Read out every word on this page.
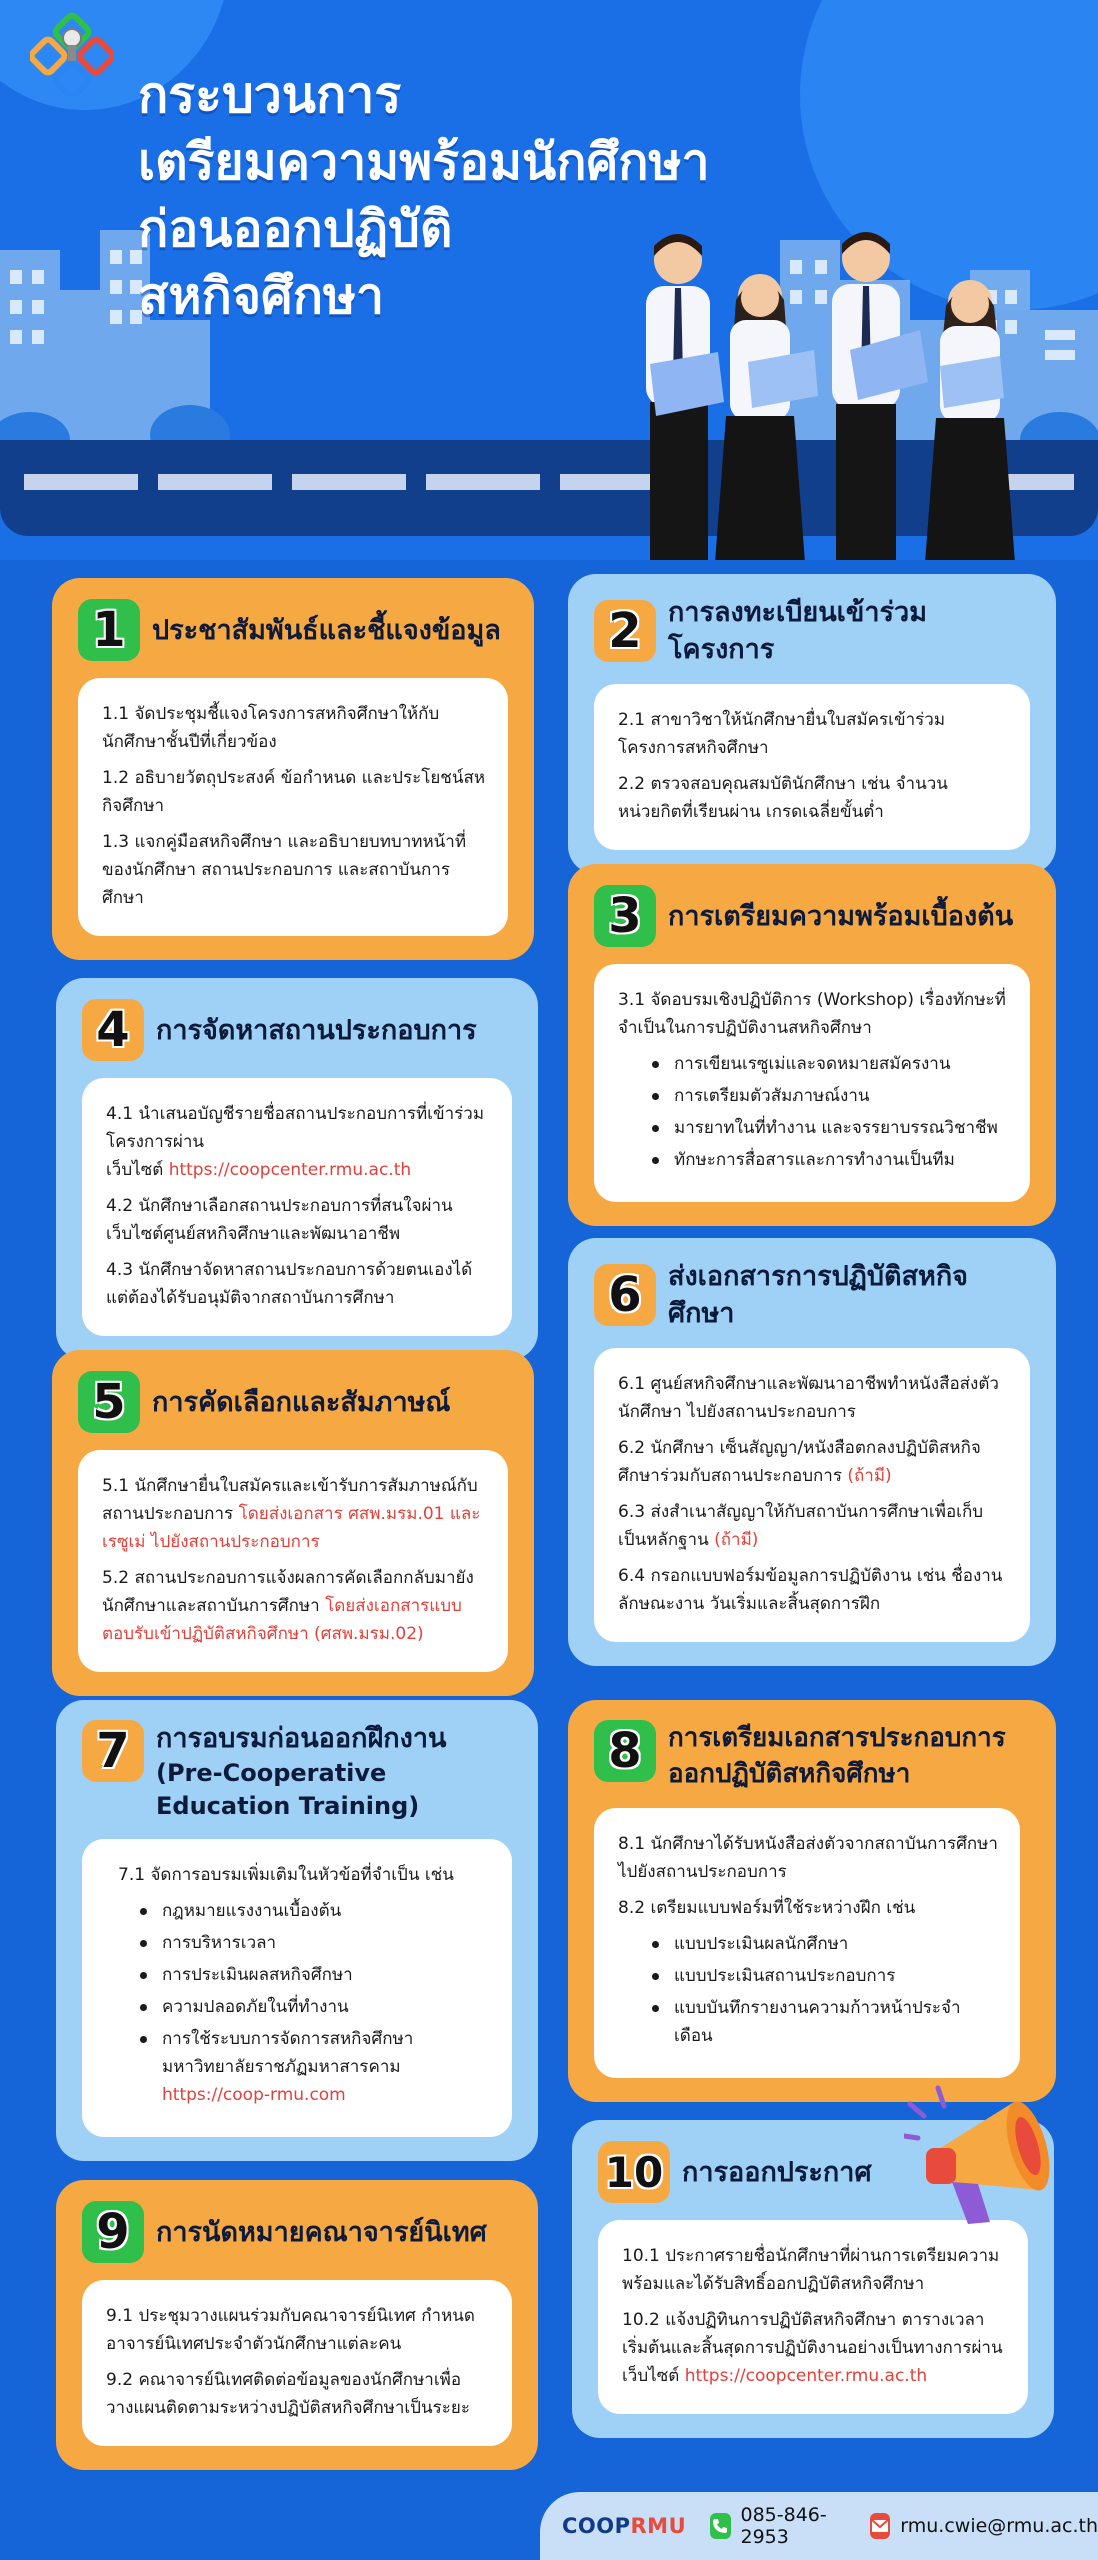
กระบวนการ
เตรียมความพร้อมนักศึกษา
ก่อนออกปฏิบัติ
สหกิจศึกษา
1 ประชาสัมพันธ์และชี้แจงข้อมูล
1.1 จัดประชุมชี้แจงโครงการสหกิจศึกษาให้กับนักศึกษาชั้นปีที่เกี่ยวข้อง
1.2 อธิบายวัตถุประสงค์ ข้อกำหนด และประโยชน์สหกิจศึกษา
1.3 แจกคู่มือสหกิจศึกษา และอธิบายบทบาทหน้าที่ของนักศึกษา สถานประกอบการ และสถาบันการศึกษา
2 การลงทะเบียนเข้าร่วมโครงการ
2.1 สาขาวิชาให้นักศึกษายื่นใบสมัครเข้าร่วมโครงการสหกิจศึกษา
2.2 ตรวจสอบคุณสมบัตินักศึกษา เช่น จำนวนหน่วยกิตที่เรียนผ่าน เกรดเฉลี่ยขั้นต่ำ
3 การเตรียมความพร้อมเบื้องต้น
3.1 จัดอบรมเชิงปฏิบัติการ (Workshop) เรื่องทักษะที่จำเป็นในการปฏิบัติงานสหกิจศึกษา
การเขียนเรซูเม่และจดหมายสมัครงาน
การเตรียมตัวสัมภาษณ์งาน
มารยาทในที่ทำงาน และจรรยาบรรณวิชาชีพ
ทักษะการสื่อสารและการทำงานเป็นทีม
4 การจัดหาสถานประกอบการ
4.1 นำเสนอบัญชีรายชื่อสถานประกอบการที่เข้าร่วมโครงการผ่านเว็บไซต์ https://coopcenter.rmu.ac.th
4.2 นักศึกษาเลือกสถานประกอบการที่สนใจผ่านเว็บไซต์ศูนย์สหกิจศึกษาและพัฒนาอาชีพ
4.3 นักศึกษาจัดหาสถานประกอบการด้วยตนเองได้ แต่ต้องได้รับอนุมัติจากสถาบันการศึกษา	6 ส่งเอกสารการปฏิบัติสหกิจศึกษา
6.1 ศูนย์สหกิจศึกษาและพัฒนาอาชีพทำหนังสือส่งตัวนักศึกษา ไปยังสถานประกอบการ
6.2 นักศึกษา เซ็นสัญญา/หนังสือตกลงปฏิบัติสหกิจศึกษาร่วมกับสถานประกอบการ (ถ้ามี)
6.3 ส่งสำเนาสัญญาให้กับสถาบันการศึกษาเพื่อเก็บเป็นหลักฐาน (ถ้ามี)
6.4 กรอกแบบฟอร์มข้อมูลการปฏิบัติงาน เช่น ชื่องาน ลักษณะงาน วันเริ่มและสิ้นสุดการฝึก
5 การคัดเลือกและสัมภาษณ์
5.1 นักศึกษายื่นใบสมัครและเข้ารับการสัมภาษณ์กับสถานประกอบการ โดยส่งเอกสาร ศสพ.มรม.01 และเรซูเม่ ไปยังสถานประกอบการ
5.2 สถานประกอบการแจ้งผลการคัดเลือกกลับมายังนักศึกษาและสถาบันการศึกษา โดยส่งเอกสารแบบ ตอบรับเข้าปฏิบัติสหกิจศึกษา (ศสพ.มรม.02)
7 การอบรมก่อนออกฝึกงาน
(Pre-Cooperative Education Training)
7.1 จัดการอบรมเพิ่มเติมในหัวข้อที่จำเป็น เช่น
กฎหมายแรงงานเบื้องต้น
การบริหารเวลา
การประเมินผลสหกิจศึกษา
ความปลอดภัยในที่ทำงาน
การใช้ระบบการจัดการสหกิจศึกษามหาวิทยาลัยราชภัฏมหาสารคาม
https://coop-rmu.com
8	การเตรียมเอกสารประกอบการออกปฏิบัติสหกิจศึกษา
8.1 นักศึกษาได้รับหนังสือส่งตัวจากสถาบันการศึกษาไปยังสถานประกอบการ
8.2 เตรียมแบบฟอร์มที่ใช้ระหว่างฝึก เช่น
แบบประเมินผลนักศึกษา
แบบประเมินสถานประกอบการ
แบบบันทึกรายงานความก้าวหน้าประจำเดือน
10 การออกประกาศ
10.1 ประกาศรายชื่อนักศึกษาที่ผ่านการเตรียมความพร้อมและได้รับสิทธิ์ออกปฏิบัติสหกิจศึกษา
10.2 แจ้งปฏิทินการปฏิบัติสหกิจศึกษา ตารางเวลาเริ่มต้นและสิ้นสุดการปฏิบัติงานอย่างเป็นทางการผ่านเว็บไซต์ https://coopcenter.rmu.ac.th
9 การนัดหมายคณาจารย์นิเทศ
9.1 ประชุมวางแผนร่วมกับคณาจารย์นิเทศ กำหนดอาจารย์นิเทศประจำตัวนักศึกษาแต่ละคน
9.2 คณาจารย์นิเทศติดต่อข้อมูลของนักศึกษาเพื่อวางแผนติดตามระหว่างปฏิบัติสหกิจศึกษาเป็นระยะ
COOPRMU	085-846-2953	rmu.cwie@rmu.ac.th
